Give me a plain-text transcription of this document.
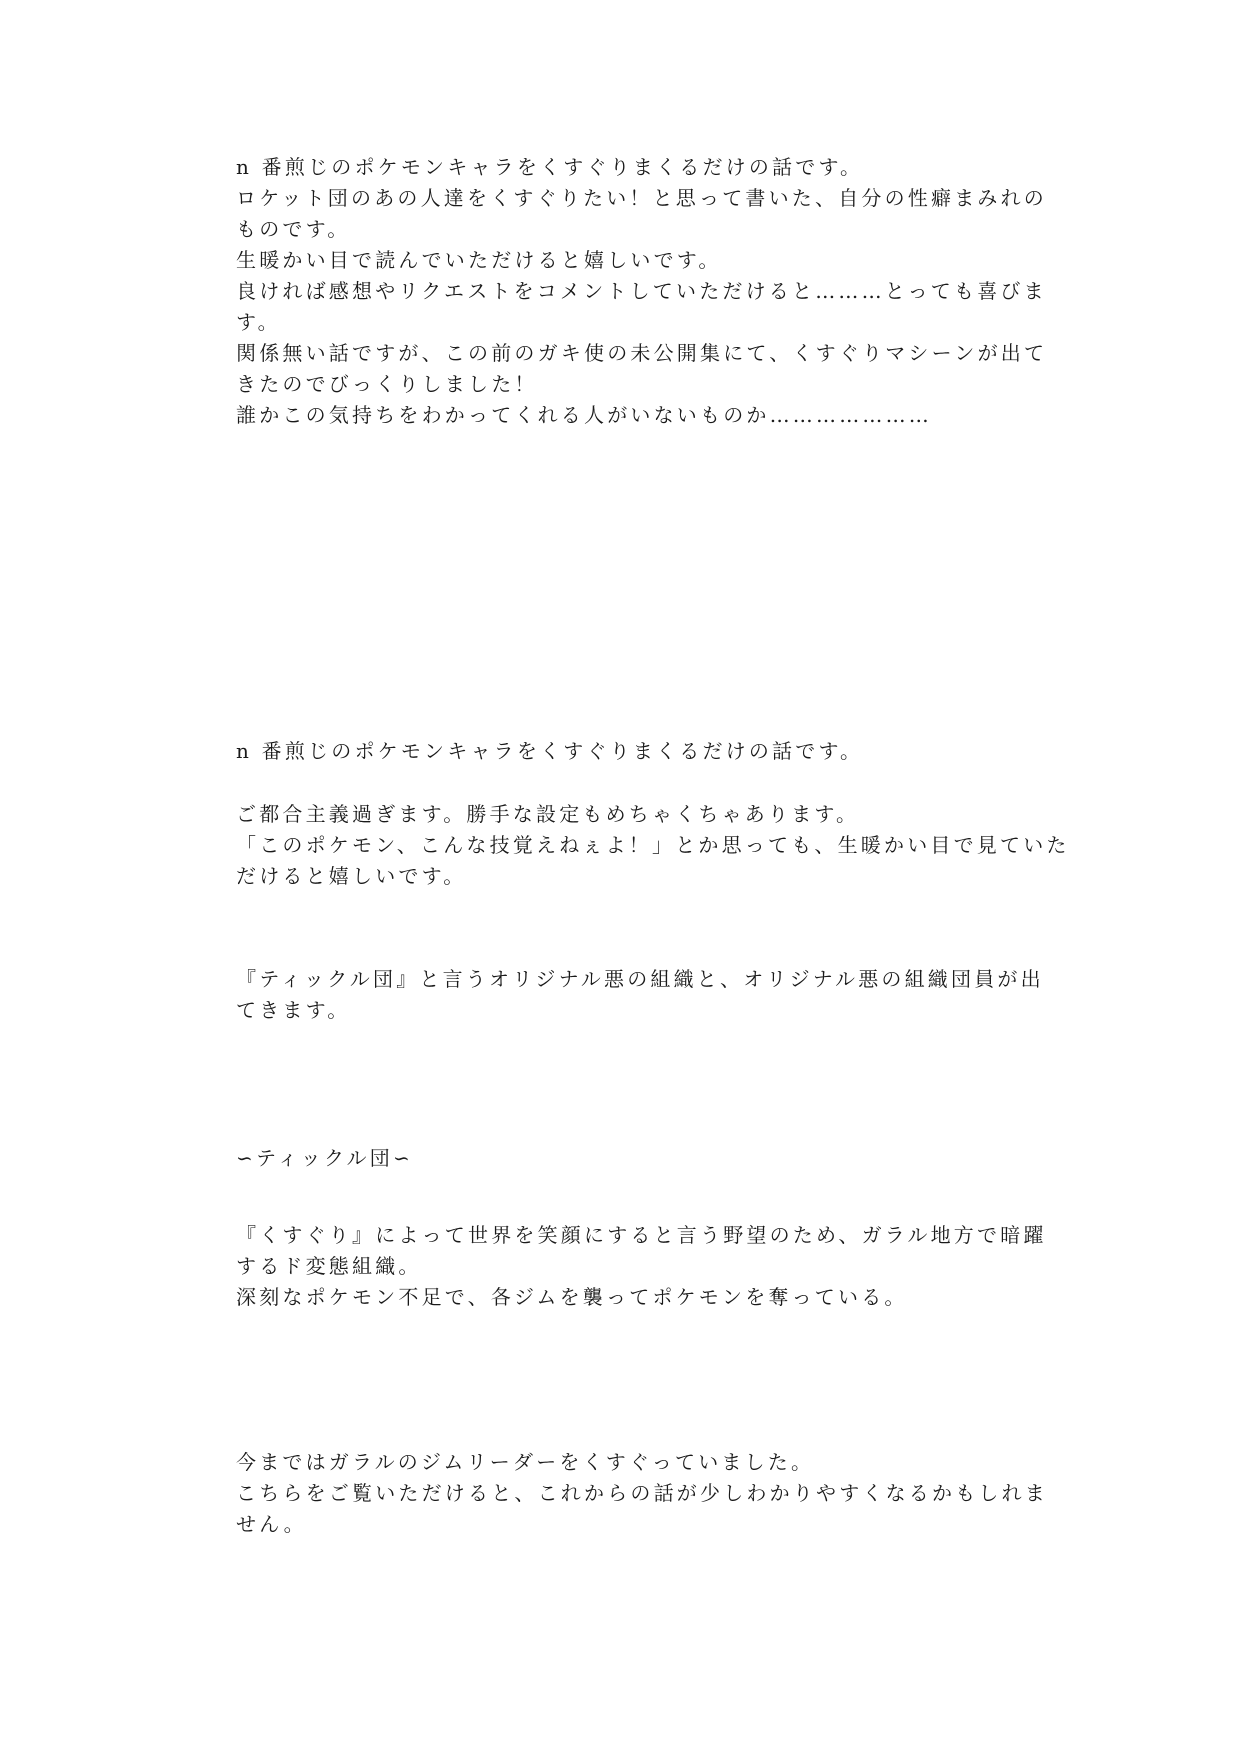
n 番煎じのポケモンキャラをくすぐりまくるだけの話です。
ロケット団のあの人達をくすぐりたい！と思って書いた、自分の性癖まみれの
ものです。
生暖かい目で読んでいただけると嬉しいです。
良ければ感想やリクエストをコメントしていただけると………とっても喜びま
す。
関係無い話ですが、この前のガキ使の未公開集にて、くすぐりマシーンが出て
きたのでびっくりしました！
誰かこの気持ちをわかってくれる人がいないものか…………………
n 番煎じのポケモンキャラをくすぐりまくるだけの話です。
ご都合主義過ぎます。勝手な設定もめちゃくちゃあります。
「このポケモン、こんな技覚えねぇよ！」とか思っても、生暖かい目で見ていた
だけると嬉しいです。
『ティックル団』と言うオリジナル悪の組織と、オリジナル悪の組織団員が出
てきます。
∽ティックル団∽
『くすぐり』によって世界を笑顔にすると言う野望のため、ガラル地方で暗躍
するド変態組織。
深刻なポケモン不足で、各ジムを襲ってポケモンを奪っている。
今まではガラルのジムリーダーをくすぐっていました。
こちらをご覧いただけると、これからの話が少しわかりやすくなるかもしれま
せん。
